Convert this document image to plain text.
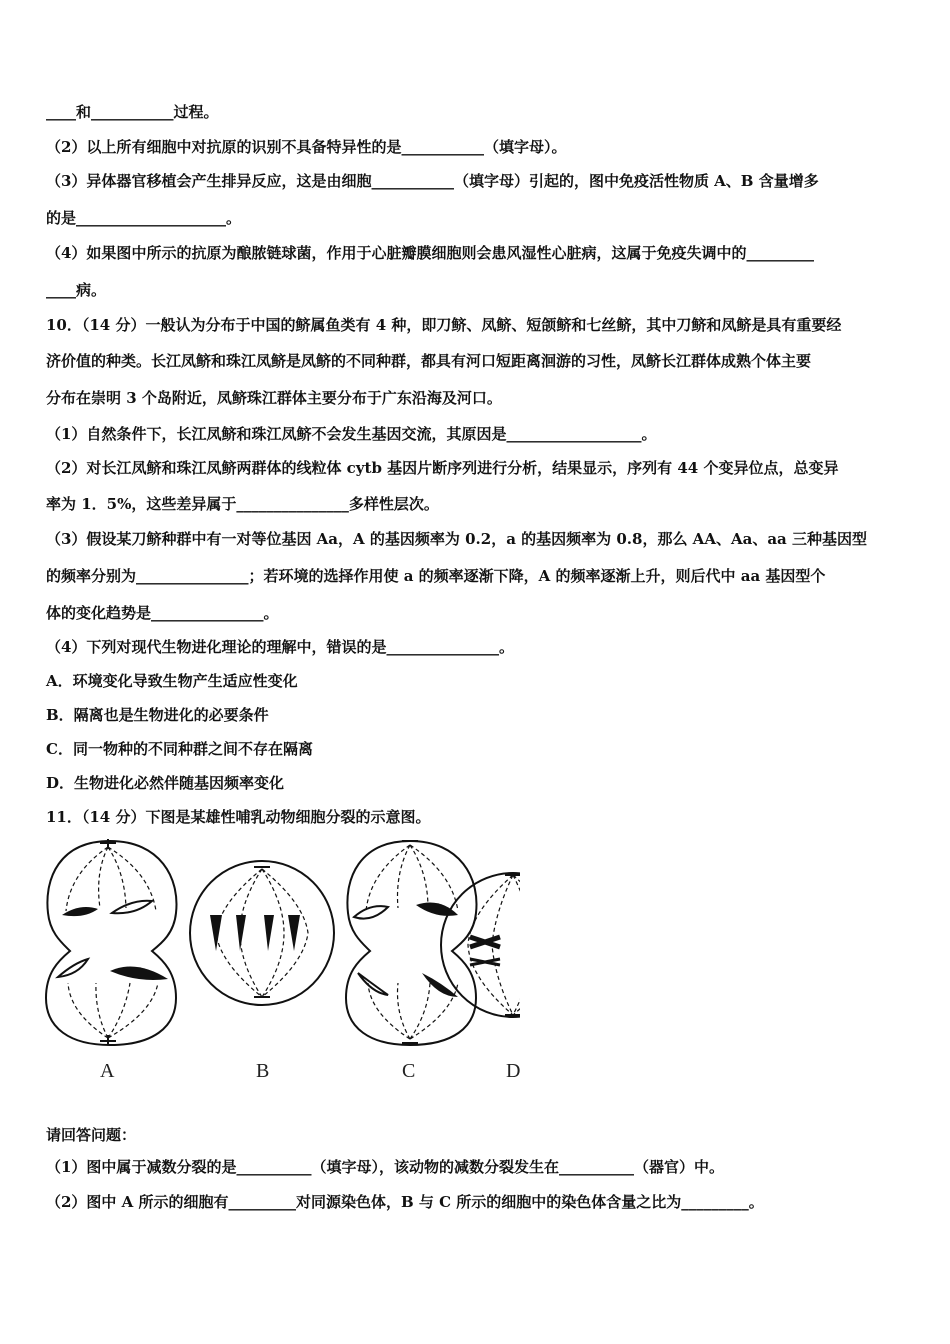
____和___________过程。
（2）以上所有细胞中对抗原的识别不具备特异性的是___________（填字母）。
（3）异体器官移植会产生排异反应，这是由细胞___________（填字母）引起的，图中免疫活性物质 A、B 含量增多
的是____________________。
（4）如果图中所示的抗原为酿脓链球菌，作用于心脏瓣膜细胞则会患风湿性心脏病，这属于免疫失调中的_________
____病。
10．（14 分）一般认为分布于中国的鲚属鱼类有 4 种，即刀鲚、凤鲚、短颌鲚和七丝鲚，其中刀鲚和凤鲚是具有重要经
济价值的种类。长江凤鲚和珠江凤鲚是凤鲚的不同种群，都具有河口短距离洄游的习性，凤鲚长江群体成熟个体主要
分布在崇明 3 个岛附近，凤鲚珠江群体主要分布于广东沿海及河口。
（1）自然条件下，长江凤鲚和珠江凤鲚不会发生基因交流，其原因是__________________。
（2）对长江凤鲚和珠江凤鲚两群体的线粒体 cytb 基因片断序列进行分析，结果显示，序列有 44 个变异位点，总变异
率为 1．5%，这些差异属于_______________多样性层次。
（3）假设某刀鲚种群中有一对等位基因 Aa，A 的基因频率为 0.2，a 的基因频率为 0.8，那么 AA、Aa、aa 三种基因型
的频率分别为_______________；若环境的选择作用使 a 的频率逐渐下降，A 的频率逐渐上升，则后代中 aa 基因型个
体的变化趋势是_______________。
（4）下列对现代生物进化理论的理解中，错误的是_______________。
A．环境变化导致生物产生适应性变化
B．隔离也是生物进化的必要条件
C．同一物种的不同种群之间不存在隔离
D．生物进化必然伴随基因频率变化
11．（14 分）下图是某雄性哺乳动物细胞分裂的示意图。
A	B	C	D
请回答问题：
（1）图中属于减数分裂的是__________（填字母），该动物的减数分裂发生在__________（器官）中。
（2）图中 A 所示的细胞有_________对同源染色体，B 与 C 所示的细胞中的染色体含量之比为_________。
